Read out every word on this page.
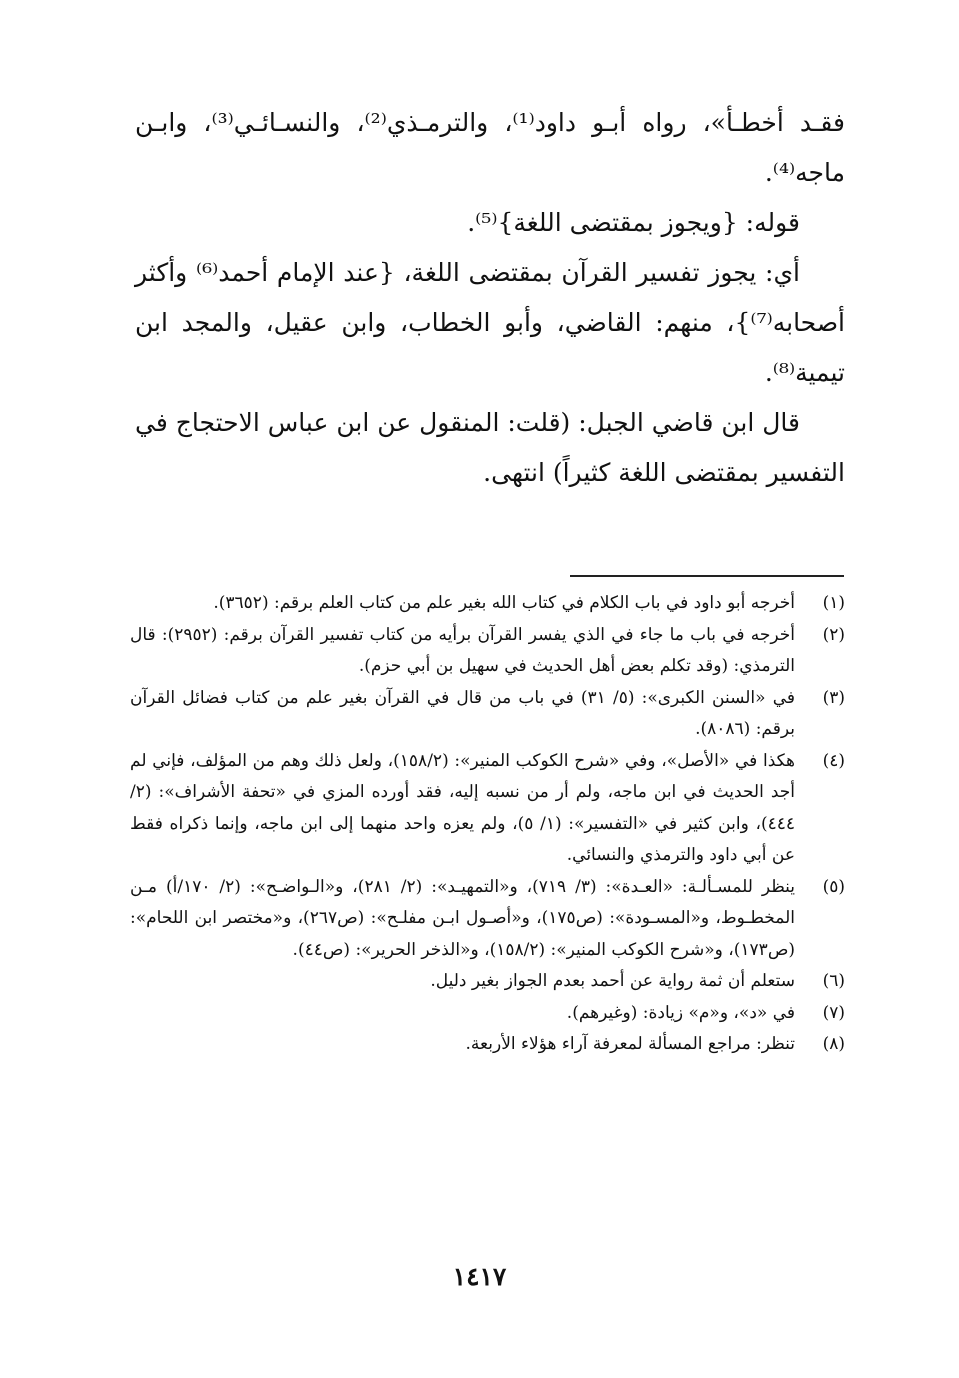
فقـد أخطـأ»، رواه أبـو داود⁽¹⁾، والترمـذي⁽²⁾، والنسـائـي⁽³⁾، وابـن ماجه⁽⁴⁾.

قوله: {ويجوز بمقتضى اللغة}⁽⁵⁾.

أي: يجوز تفسير القرآن بمقتضى اللغة، {عند الإمام أحمد⁽⁶⁾ وأكثر أصحابه⁽⁷⁾}، منهم: القاضي، وأبو الخطاب، وابن عقيل، والمجد ابن تيمية⁽⁸⁾.

قال ابن قاضي الجبل: (قلت: المنقول عن ابن عباس الاحتجاج في التفسير بمقتضى اللغة كثيراً) انتهى.

(١)
أخرجه أبو داود في باب الكلام في كتاب الله بغير علم من كتاب العلم برقم: (٣٦٥٢).
(٢)
أخرجه في باب ما جاء في الذي يفسر القرآن برأيه من كتاب تفسير القرآن برقم: (٢٩٥٢): قال الترمذي: (وقد تكلم بعض أهل الحديث في سهيل بن أبي حزم).
(٣)
في «السنن الكبرى»: (٥/ ٣١) في باب من قال في القرآن بغير علم من كتاب فضائل القرآن برقم: (٨٠٨٦).
(٤)
هكذا في «الأصل»، وفي «شرح الكوكب المنير»: (١٥٨/٢)، ولعل ذلك وهم من المؤلف، فإني لم أجد الحديث في ابن ماجه، ولم أر من نسبه إليه، فقد أورده المزي في «تحفة الأشراف»: (٢/ ٤٤٤)، وابن كثير في «التفسير»: (١/ ٥)، ولم يعزه واحد منهما إلى ابن ماجه، وإنما ذكراه فقط عن أبي داود والترمذي والنسائي.
(٥)
ينظر للمسـألـة: «العـدة»: (٣/ ٧١٩)، و«التمهيـد»: (٢/ ٢٨١)، و«الـواضـح»: (٢/ ١٧٠/أ) مـن المخطـوط، و«المسـودة»: (ص١٧٥)، و«أصـول ابـن مفلـح»: (ص٢٦٧)، و«مختصر ابن اللحام»: (ص١٧٣)، و«شرح الكوكب المنير»: (١٥٨/٢)، و«الذخر الحرير»: (ص٤٤).
(٦)
ستعلم أن ثمة رواية عن أحمد بعدم الجواز بغير دليل.
(٧)
في «د»، و«م» زيادة: (وغيرهم).
(٨)
تنظر: مراجع المسألة لمعرفة آراء هؤلاء الأربعة.
١٤١٧
